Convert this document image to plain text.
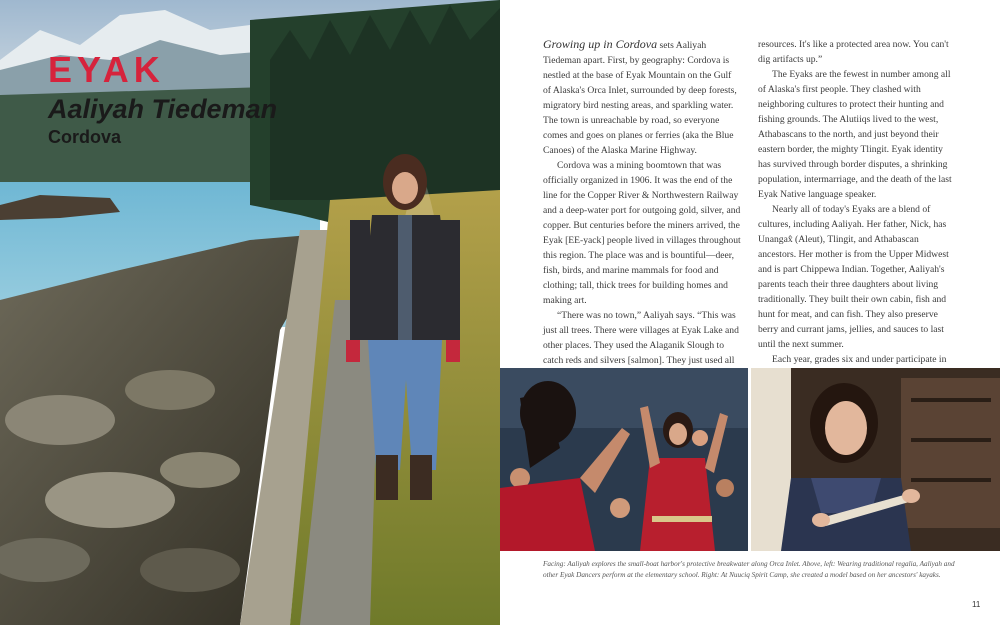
EYAK
Aaliyah Tiedeman
Cordova

Growing up in Cordova sets Aaliyah Tiedeman apart. First, by geography: Cordova is nestled at the base of Eyak Mountain on the Gulf of Alaska's Orca Inlet, surrounded by deep forests, migratory bird nesting areas, and sparkling water. The town is unreachable by road, so everyone comes and goes on planes or ferries (aka the Blue Canoes) of the Alaska Marine Highway.

Cordova was a mining boomtown that was officially organized in 1906. It was the end of the line for the Copper River & Northwestern Railway and a deep-water port for outgoing gold, silver, and copper. But centuries before the miners arrived, the Eyak [EE-yack] people lived in villages throughout this region. The place was and is bountiful—deer, fish, birds, and marine mammals for food and clothing; tall, thick trees for building homes and making art.

“There was no town,” Aaliyah says. “This was just all trees. There were villages at Eyak Lake and other places. They used the Alaganik Slough to catch reds and silvers [salmon]. They just used all

resources. It's like a protected area now. You can't dig artifacts up.”

The Eyaks are the fewest in number among all of Alaska's first people. They clashed with neighboring cultures to protect their hunting and fishing grounds. The Alutiiqs lived to the west, Athabascans to the north, and just beyond their eastern border, the mighty Tlingit. Eyak identity has survived through border disputes, a shrinking population, intermarriage, and the death of the last Eyak Native language speaker.

Nearly all of today's Eyaks are a blend of cultures, including Aaliyah. Her father, Nick, has Unangax̂ (Aleut), Tlingit, and Athabascan ancestors. Her mother is from the Upper Midwest and is part Chippewa Indian. Together, Aaliyah's parents teach their three daughters about living traditionally. They built their own cabin, fish and hunt for meat, and can fish. They also preserve berry and currant jams, jellies, and sauces to last until the next summer.

Each year, grades six and under participate in

Facing: Aaliyah explores the small-boat harbor's protective breakwater along Orca Inlet. Above, left: Wearing traditional regalia, Aaliyah and other Eyak Dancers perform at the elementary school. Right: At Nuuciq Spirit Camp, she created a model based on her ancestors' kayaks.
11
